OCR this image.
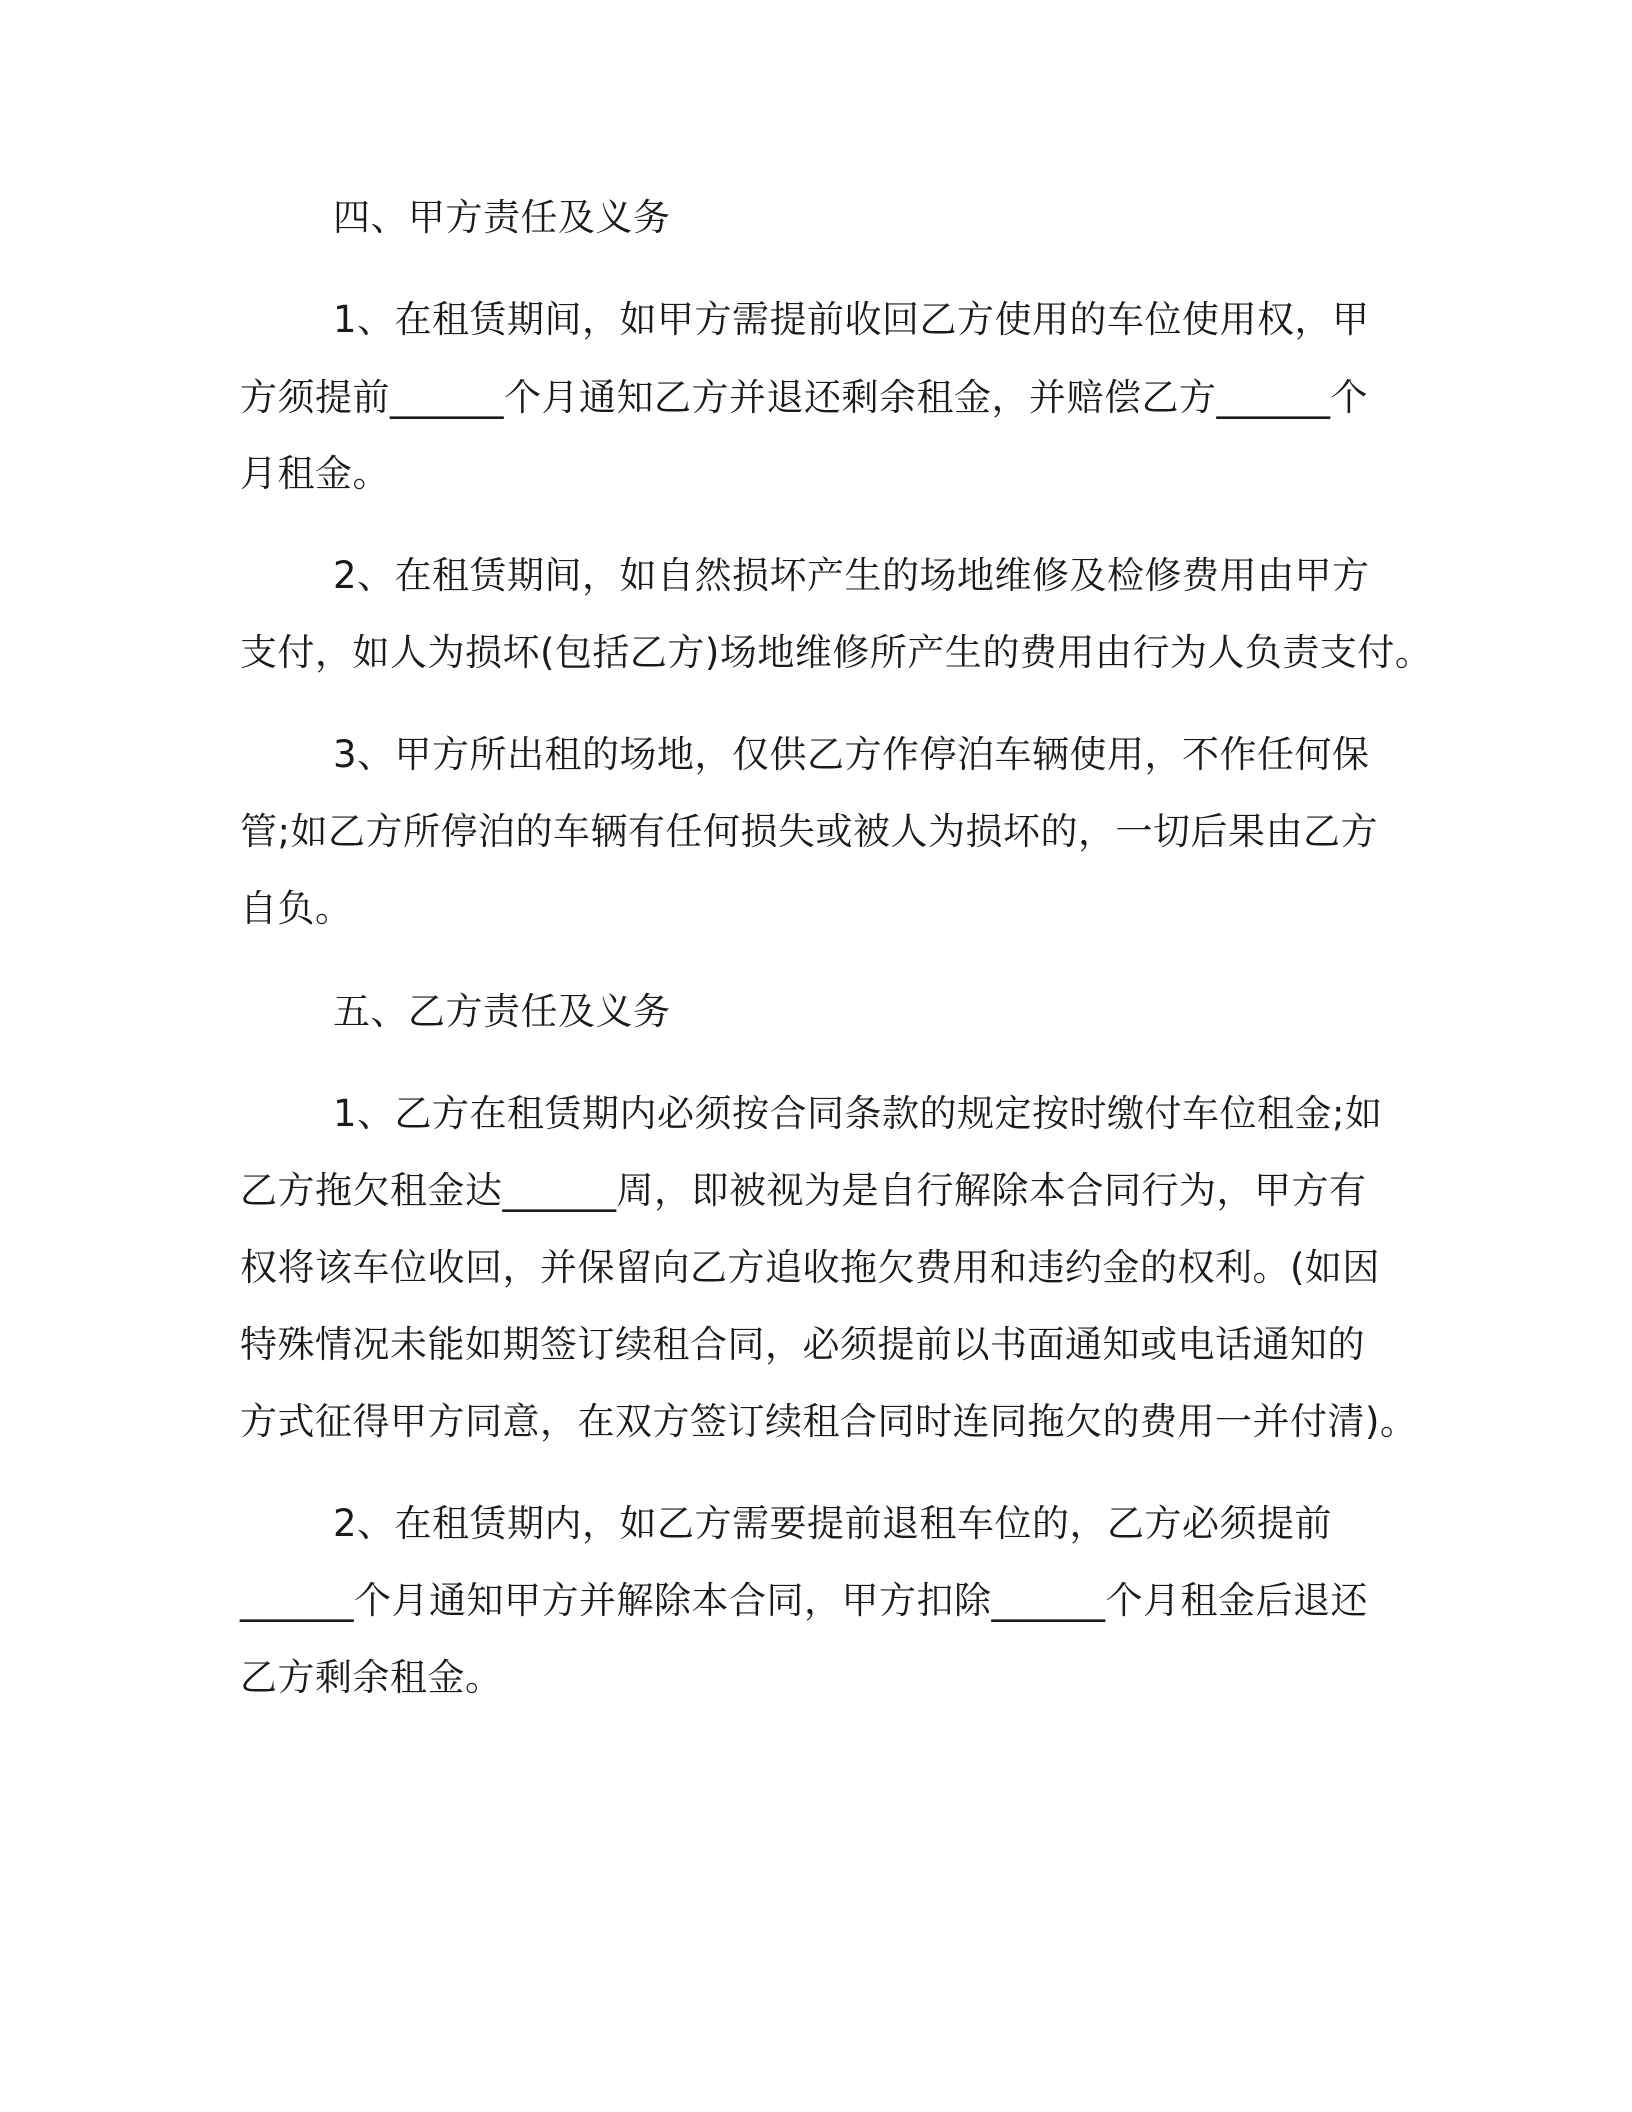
四、甲方责任及义务

1、在租赁期间，如甲方需提前收回乙方使用的车位使用权，甲

方须提前______个月通知乙方并退还剩余租金，并赔偿乙方______个

月租金。

2、在租赁期间，如自然损坏产生的场地维修及检修费用由甲方

支付，如人为损坏(包括乙方)场地维修所产生的费用由行为人负责支付。

3、甲方所出租的场地，仅供乙方作停泊车辆使用，不作任何保

管;如乙方所停泊的车辆有任何损失或被人为损坏的，一切后果由乙方

自负。

五、乙方责任及义务

1、乙方在租赁期内必须按合同条款的规定按时缴付车位租金;如

乙方拖欠租金达______周，即被视为是自行解除本合同行为，甲方有

权将该车位收回，并保留向乙方追收拖欠费用和违约金的权利。(如因

特殊情况未能如期签订续租合同，必须提前以书面通知或电话通知的

方式征得甲方同意，在双方签订续租合同时连同拖欠的费用一并付清)。

2、在租赁期内，如乙方需要提前退租车位的，乙方必须提前

______个月通知甲方并解除本合同，甲方扣除______个月租金后退还

乙方剩余租金。
